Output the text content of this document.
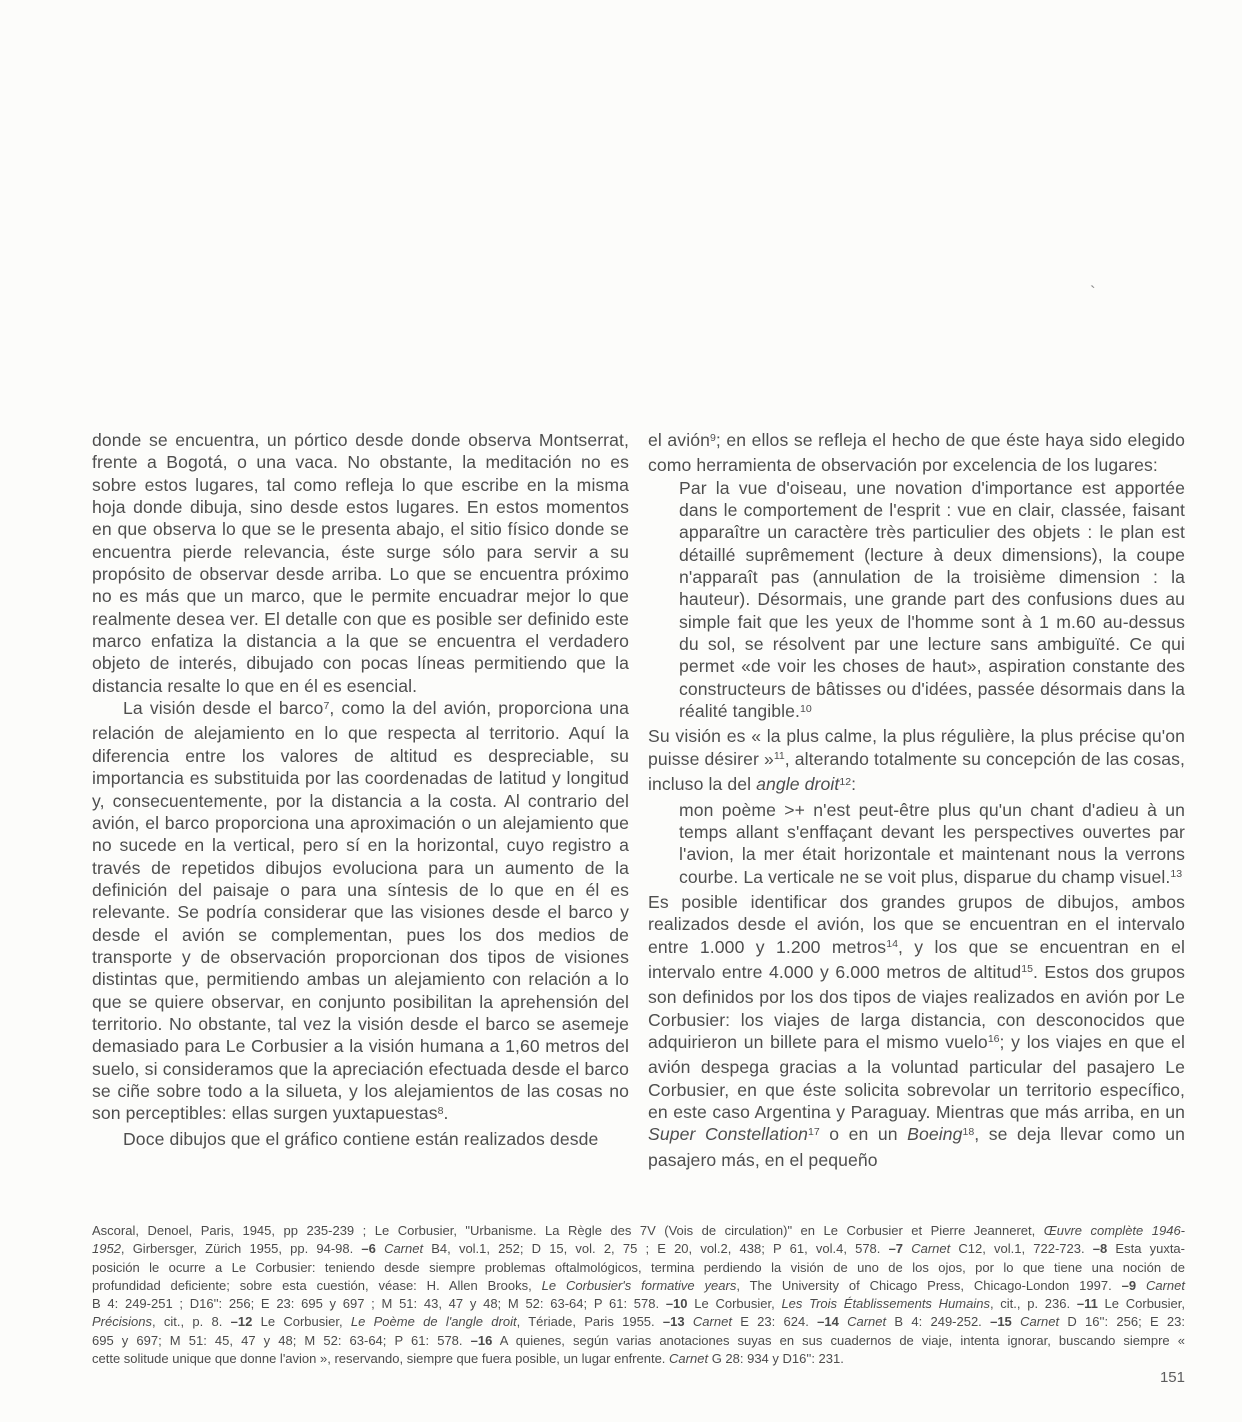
`

donde se encuentra, un pórtico desde donde observa Montserrat, frente a Bogotá, o una vaca. No obstante, la meditación no es sobre estos lugares, tal como refleja lo que escribe en la misma hoja donde dibuja, sino desde estos lugares. En estos momentos en que observa lo que se le presenta abajo, el sitio físico donde se encuentra pierde relevancia, éste surge sólo para servir a su propósito de observar desde arriba. Lo que se encuentra próximo no es más que un marco, que le permite encuadrar mejor lo que realmente desea ver. El detalle con que es posible ser definido este marco enfatiza la distancia a la que se encuentra el verdadero objeto de interés, dibujado con pocas líneas permitiendo que la distancia resalte lo que en él es esencial.

La visión desde el barco$^7$, como la del avión, proporciona una relación de alejamiento en lo que respecta al territorio. Aquí la diferencia entre los valores de altitud es despreciable, su importancia es substituida por las coordenadas de latitud y longitud y, consecuentemente, por la distancia a la costa. Al contrario del avión, el barco proporciona una aproximación o un alejamiento que no sucede en la vertical, pero sí en la horizontal, cuyo registro a través de repetidos dibujos evoluciona para un aumento de la definición del paisaje o para una síntesis de lo que en él es relevante. Se podría considerar que las visiones desde el barco y desde el avión se complementan, pues los dos medios de transporte y de observación proporcionan dos tipos de visiones distintas que, permitiendo ambas un alejamiento con relación a lo que se quiere observar, en conjunto posibilitan la aprehensión del territorio. No obstante, tal vez la visión desde el barco se asemeje demasiado para Le Corbusier a la visión humana a 1,60 metros del suelo, si consideramos que la apreciación efectuada desde el barco se ciñe sobre todo a la silueta, y los alejamientos de las cosas no son perceptibles: ellas surgen yuxtapuestas$^8$.

Doce dibujos que el gráfico contiene están realizados desde

el avión$^9$; en ellos se refleja el hecho de que éste haya sido elegido como herramienta de observación por excelencia de los lugares:

Par la vue d'oiseau, une novation d'importance est apportée dans le comportement de l'esprit : vue en clair, classée, faisant apparaître un caractère très particulier des objets : le plan est détaillé suprêmement (lecture à deux dimensions), la coupe n'apparaît pas (annulation de la troisième dimension : la hauteur). Désormais, une grande part des confusions dues au simple fait que les yeux de l'homme sont à 1 m.60 au-dessus du sol, se résolvent par une lecture sans ambiguïté. Ce qui permet «de voir les choses de haut», aspiration constante des constructeurs de bâtisses ou d'idées, passée désormais dans la réalité tangible.$^{10}$

Su visión es « la plus calme, la plus régulière, la plus précise qu'on puisse désirer »$^{11}$, alterando totalmente su concepción de las cosas, incluso la del angle droit$^{12}$:

mon poème >+ n'est peut-être plus qu'un chant d'adieu à un temps allant s'enffaçant devant les perspectives ouvertes par l'avion, la mer était horizontale et maintenant nous la verrons courbe. La verticale ne se voit plus, disparue du champ visuel.$^{13}$

Es posible identificar dos grandes grupos de dibujos, ambos realizados desde el avión, los que se encuentran en el intervalo entre 1.000 y 1.200 metros$^{14}$, y los que se encuentran en el intervalo entre 4.000 y 6.000 metros de altitud$^{15}$. Estos dos grupos son definidos por los dos tipos de viajes realizados en avión por Le Corbusier: los viajes de larga distancia, con desconocidos que adquirieron un billete para el mismo vuelo$^{16}$; y los viajes en que el avión despega gracias a la voluntad particular del pasajero Le Corbusier, en que éste solicita sobrevolar un territorio específico, en este caso Argentina y Paraguay. Mientras que más arriba, en un Super Constellation$^{17}$ o en un Boeing$^{18}$, se deja llevar como un pasajero más, en el pequeño

Ascoral, Denoel, Paris, 1945, pp 235-239 ; Le Corbusier, "Urbanisme. La Règle des 7V (Vois de circulation)" en Le Corbusier et Pierre Jeanneret, Œuvre complète 1946-
1952, Girbersger, Zürich 1955, pp. 94-98. –6 Carnet B4, vol.1, 252; D 15, vol. 2, 75 ; E 20, vol.2, 438; P 61, vol.4, 578. –7 Carnet C12, vol.1, 722-723. –8 Esta yuxta-
posición le ocurre a Le Corbusier: teniendo desde siempre problemas oftalmológicos, termina perdiendo la visión de uno de los ojos, por lo que tiene una noción de
profundidad deficiente; sobre esta cuestión, véase: H. Allen Brooks, Le Corbusier's formative years, The University of Chicago Press, Chicago-London 1997. –9 Carnet
B 4: 249-251 ; D16'': 256; E 23: 695 y 697 ; M 51: 43, 47 y 48; M 52: 63-64; P 61: 578. –10 Le Corbusier, Les Trois Établissements Humains, cit., p. 236. –11 Le Corbusier,
Précisions, cit., p. 8. –12 Le Corbusier, Le Poème de l'angle droit, Tériade, Paris 1955. –13 Carnet E 23: 624. –14 Carnet B 4: 249-252. –15 Carnet D 16'': 256; E 23:
695 y 697; M 51: 45, 47 y 48; M 52: 63-64; P 61: 578. –16 A quienes, según varias anotaciones suyas en sus cuadernos de viaje, intenta ignorar, buscando siempre «
cette solitude unique que donne l'avion », reservando, siempre que fuera posible, un lugar enfrente. Carnet G 28: 934 y D16'': 231.
151
